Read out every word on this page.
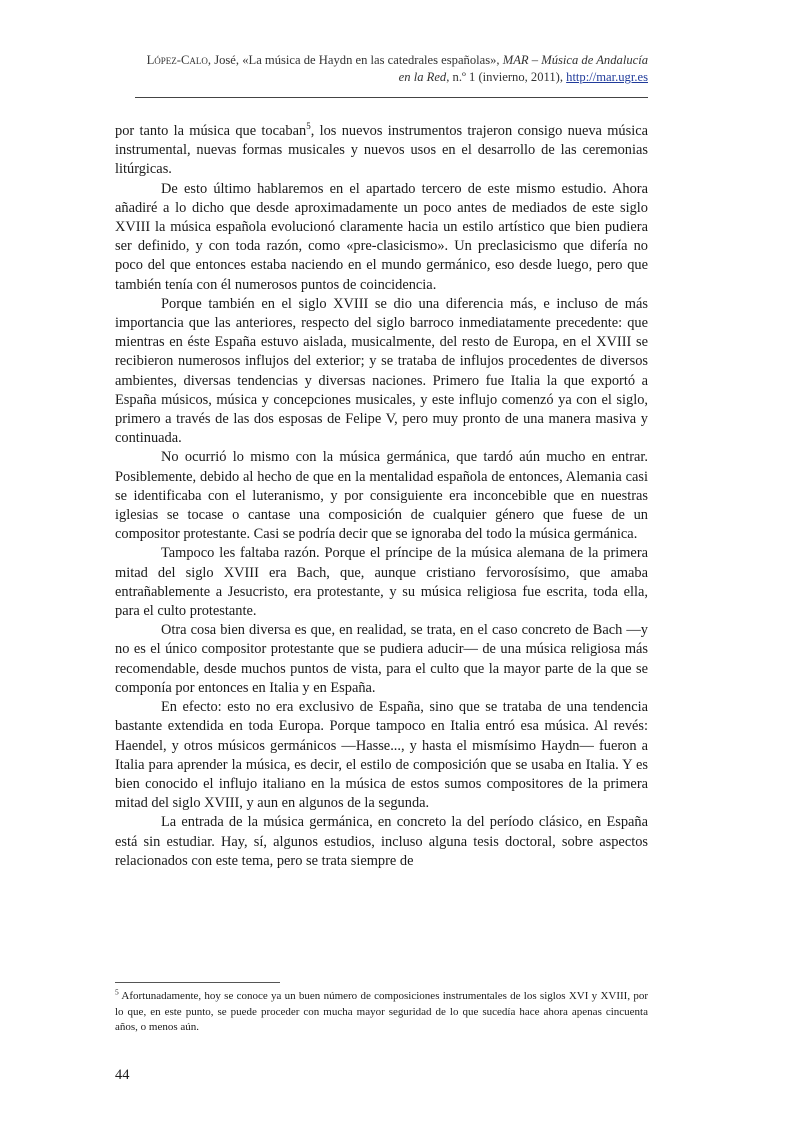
López-Calo, José, «La música de Haydn en las catedrales españolas», MAR – Música de Andalucía en la Red, n.º 1 (invierno, 2011), http://mar.ugr.es

por tanto la música que tocaban$^5$, los nuevos instrumentos trajeron consigo nueva música instrumental, nuevas formas musicales y nuevos usos en el desarrollo de las ceremonias litúrgicas.

De esto último hablaremos en el apartado tercero de este mismo estudio. Ahora añadiré a lo dicho que desde aproximadamente un poco antes de mediados de este siglo XVIII la música española evolucionó claramente hacia un estilo artístico que bien pudiera ser definido, y con toda razón, como «pre-clasicismo». Un preclasicismo que difería no poco del que entonces estaba naciendo en el mundo germánico, eso desde luego, pero que también tenía con él numerosos puntos de coincidencia.

Porque también en el siglo XVIII se dio una diferencia más, e incluso de más importancia que las anteriores, respecto del siglo barroco inmediatamente precedente: que mientras en éste España estuvo aislada, musicalmente, del resto de Europa, en el XVIII se recibieron numerosos influjos del exterior; y se trataba de influjos procedentes de diversos ambientes, diversas tendencias y diversas naciones. Primero fue Italia la que exportó a España músicos, música y concepciones musicales, y este influjo comenzó ya con el siglo, primero a través de las dos esposas de Felipe V, pero muy pronto de una manera masiva y continuada.

No ocurrió lo mismo con la música germánica, que tardó aún mucho en entrar. Posiblemente, debido al hecho de que en la mentalidad española de entonces, Alemania casi se identificaba con el luteranismo, y por consiguiente era inconcebible que en nuestras iglesias se tocase o cantase una composición de cualquier género que fuese de un compositor protestante. Casi se podría decir que se ignoraba del todo la música germánica.

Tampoco les faltaba razón. Porque el príncipe de la música alemana de la primera mitad del siglo XVIII era Bach, que, aunque cristiano fervorosísimo, que amaba entrañablemente a Jesucristo, era protestante, y su música religiosa fue escrita, toda ella, para el culto protestante.

Otra cosa bien diversa es que, en realidad, se trata, en el caso concreto de Bach —y no es el único compositor protestante que se pudiera aducir— de una música religiosa más recomendable, desde muchos puntos de vista, para el culto que la mayor parte de la que se componía por entonces en Italia y en España.

En efecto: esto no era exclusivo de España, sino que se trataba de una tendencia bastante extendida en toda Europa. Porque tampoco en Italia entró esa música. Al revés: Haendel, y otros músicos germánicos —Hasse..., y hasta el mismísimo Haydn— fueron a Italia para aprender la música, es decir, el estilo de composición que se usaba en Italia. Y es bien conocido el influjo italiano en la música de estos sumos compositores de la primera mitad del siglo XVIII, y aun en algunos de la segunda.

La entrada de la música germánica, en concreto la del período clásico, en España está sin estudiar. Hay, sí, algunos estudios, incluso alguna tesis doctoral, sobre aspectos relacionados con este tema, pero se trata siempre de

$^5$ Afortunadamente, hoy se conoce ya un buen número de composiciones instrumentales de los siglos XVI y XVIII, por lo que, en este punto, se puede proceder con mucha mayor seguridad de lo que sucedía hace ahora apenas cincuenta años, o menos aún.
44
